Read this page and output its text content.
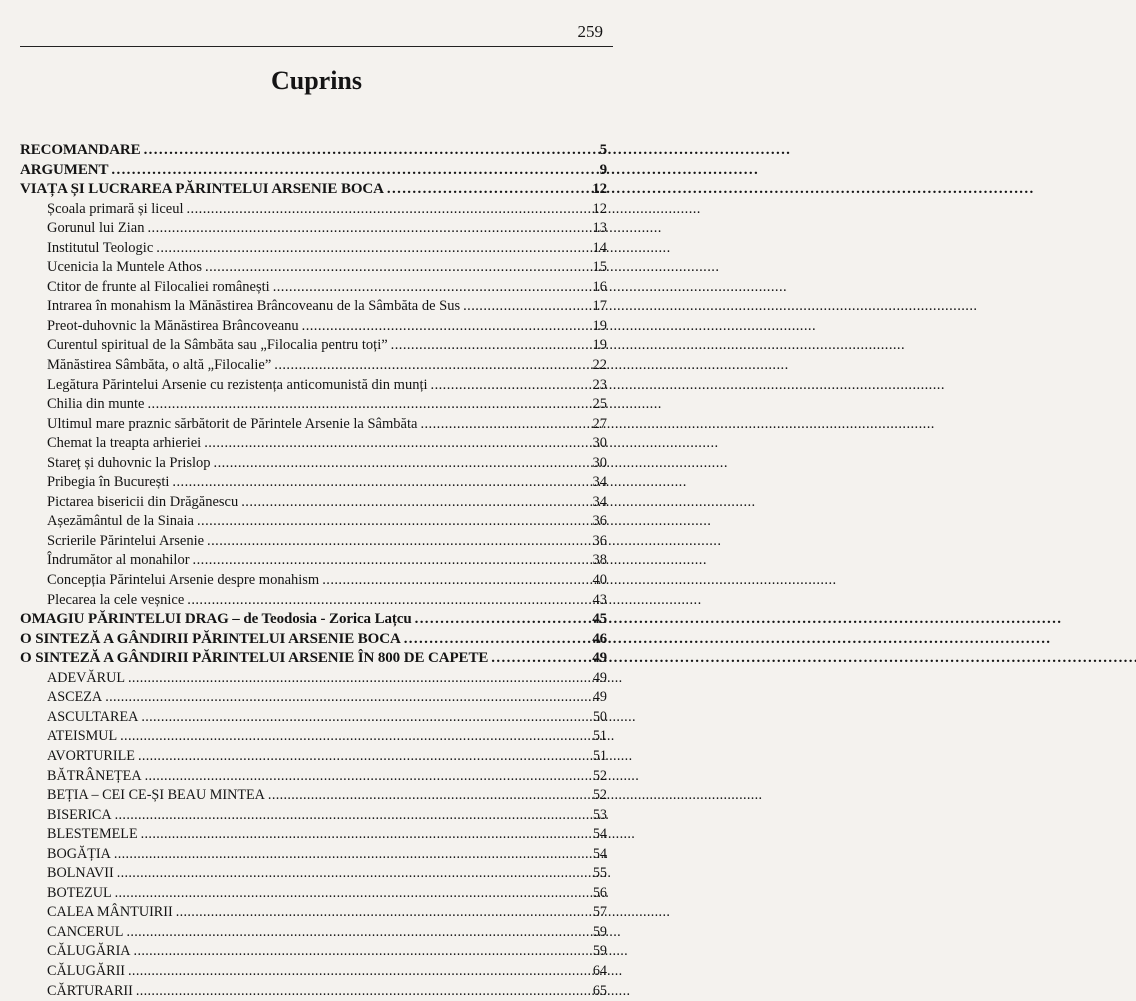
259
Cuprins
RECOMANDARE . . .	5
ARGUMENT . . .	9
VIAȚA ȘI LUCRAREA PĂRINTELUI ARSENIE BOCA . . .	12
Școala primară și liceul . . .	12
Gorunul lui Zian . . .	13
Institutul Teologic . . .	14
Ucenicia la Muntele Athos . . .	15
Ctitor de frunte al Filocaliei românești . . .	16
Intrarea în monahism la Mănăstirea Brâncoveanu de la Sâmbăta de Sus . . .	17
Preot-duhovnic la Mănăstirea Brâncoveanu . . .	19
Curentul spiritual de la Sâmbăta sau „Filocalia pentru toți” . . .	19
Mănăstirea Sâmbăta, o altă „Filocalie” . . .	22
Legătura Părintelui Arsenie cu rezistența anticomunistă din munți . . .	23
Chilia din munte . . .	25
Ultimul mare praznic sărbătorit de Părintele Arsenie la Sâmbăta . . .	27
Chemat la treapta arhieriei . . .	30
Stareț și duhovnic la Prislop . . .	30
Pribegia în București . . .	34
Pictarea bisericii din Drăgănescu . . .	34
Așezământul de la Sinaia . . .	36
Scrierile Părintelui Arsenie . . .	36
Îndrumător al monahilor . . .	38
Concepția Părintelui Arsenie despre monahism . . .	40
Plecarea la cele veșnice . . .	43
OMAGIU PĂRINTELUI DRAG – de Teodosia - Zorica Lațcu . . .	45
O SINTEZĂ A GÂNDIRII PĂRINTELUI ARSENIE BOCA . . .	46
O SINTEZĂ A GÂNDIRII PĂRINTELUI ARSENIE ÎN 800 DE CAPETE . . .	49
ADEVĂRUL . . .	49
ASCEZA . . .	49
ASCULTAREA . . .	50
ATEISMUL . . .	51
AVORTURILE . . .	51
BĂTRÂNEȚEA . . .	52
BEȚIA – CEI CE-ȘI BEAU MINTEA . . .	52
BISERICA . . .	53
BLESTEMELE . . .	54
BOGĂȚIA . . .	54
BOLNAVII . . .	55
BOTEZUL . . .	56
CALEA MÂNTUIRII . . .	57
CANCERUL . . .	59
CĂLUGĂRIA . . .	59
CĂLUGĂRII . . .	64
CĂRTURARII . . .	65
